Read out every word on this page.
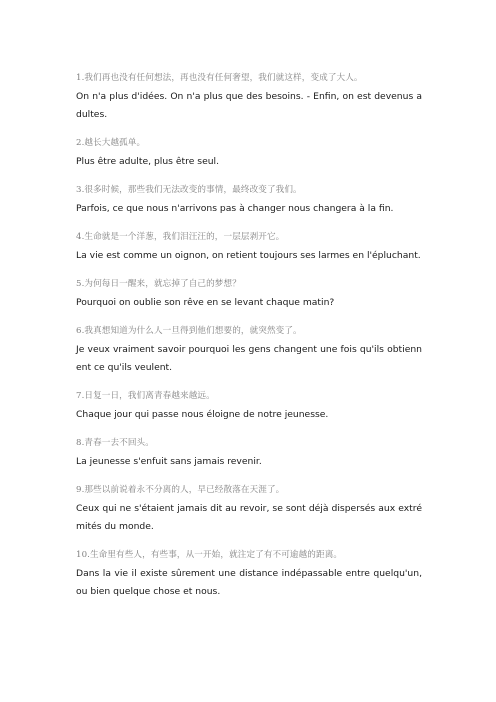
1.我们再也没有任何想法，再也没有任何奢望，我们就这样，变成了大人。
On n'a plus d'idées. On n'a plus que des besoins. - Enfin, on est devenus adultes.
2.越长大越孤单。
Plus être adulte, plus être seul.
3.很多时候，那些我们无法改变的事情，最终改变了我们。
Parfois, ce que nous n'arrivons pas à changer nous changera à la fin.
4.生命就是一个洋葱，我们泪汪汪的，一层层剥开它。
La vie est comme un oignon, on retient toujours ses larmes en l'épluchant.
5.为何每日一醒来，就忘掉了自己的梦想？
Pourquoi on oublie son rêve en se levant chaque matin?
6.我真想知道为什么人一旦得到他们想要的，就突然变了。
Je veux vraiment savoir pourquoi les gens changent une fois qu'ils obtiennent ce qu'ils veulent.
7.日复一日，我们离青春越来越远。
Chaque jour qui passe nous éloigne de notre jeunesse.
8.青春一去不回头。
La jeunesse s'enfuit sans jamais revenir.
9.那些以前说着永不分离的人，早已经散落在天涯了。
Ceux qui ne s'étaient jamais dit au revoir, se sont déjà dispersés aux extrémités du monde.
10.生命里有些人，有些事，从一开始，就注定了有不可逾越的距离。
Dans la vie il existe sûrement une distance indépassable entre quelqu'un, ou bien quelque chose et nous.
